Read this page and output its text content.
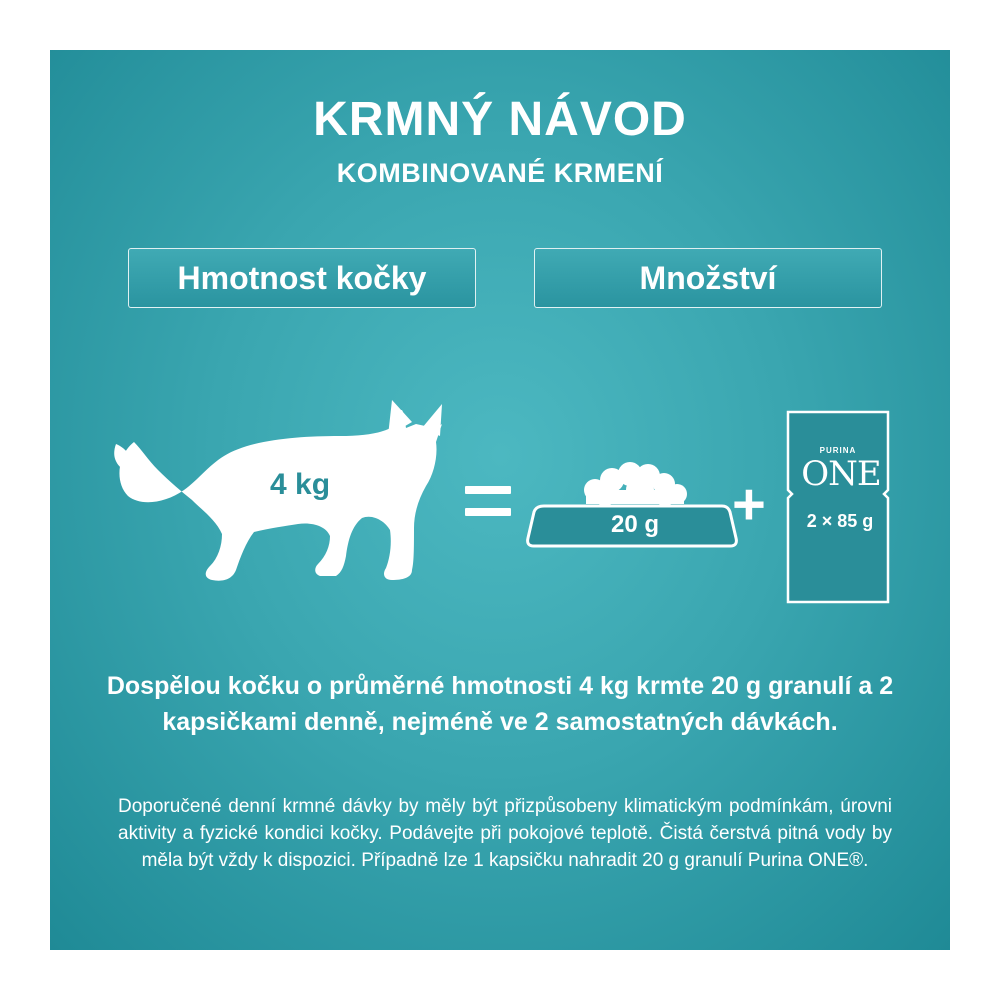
KRMNÝ NÁVOD
KOMBINOVANÉ KRMENÍ
Hmotnost kočky	Množství
4 kg
20 g	+
PURINA
ONE
2 × 85 g
Dospělou kočku o průměrné hmotnosti 4 kg krmte 20 g granulí a 2 kapsičkami denně, nejméně ve 2 samostatných dávkách.
Doporučené denní krmné dávky by měly být přizpůsobeny klimatickým podmínkám, úrovni aktivity a fyzické kondici kočky. Podávejte při pokojové teplotě. Čistá čerstvá pitná vody by měla být vždy k dispozici. Případně lze 1 kapsičku nahradit 20 g granulí Purina ONE®.
